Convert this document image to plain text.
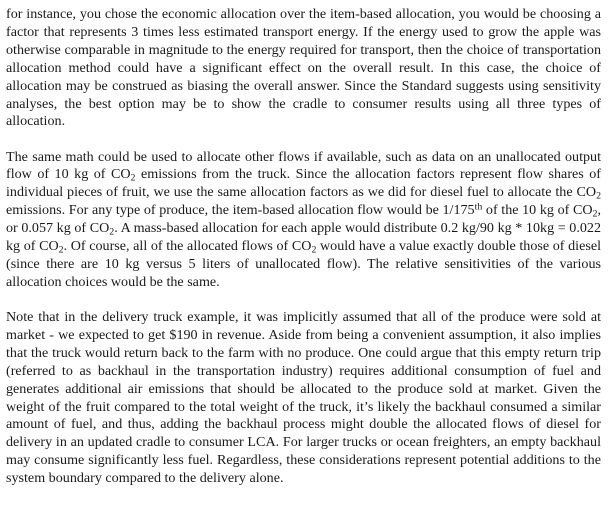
for instance, you chose the economic allocation over the item-based allocation, you would be choosing a factor that represents 3 times less estimated transport energy. If the energy used to grow the apple was otherwise comparable in magnitude to the energy required for transport, then the choice of transportation allocation method could have a significant effect on the overall result. In this case, the choice of allocation may be construed as biasing the overall answer. Since the Standard suggests using sensitivity analyses, the best option may be to show the cradle to consumer results using all three types of allocation.

The same math could be used to allocate other flows if available, such as data on an unallocated output flow of 10 kg of $CO_2$ emissions from the truck. Since the allocation factors represent flow shares of individual pieces of fruit, we use the same allocation factors as we did for diesel fuel to allocate the $CO_2$ emissions. For any type of produce, the item-based allocation flow would be 1/175th of the 10 kg of $CO_2$, or 0.057 kg of $CO_2$. A mass-based allocation for each apple would distribute 0.2 kg/90 kg * 10kg = 0.022 kg of $CO_2$. Of course, all of the allocated flows of $CO_2$ would have a value exactly double those of diesel (since there are 10 kg versus 5 liters of unallocated flow). The relative sensitivities of the various allocation choices would be the same.

Note that in the delivery truck example, it was implicitly assumed that all of the produce were sold at market - we expected to get $190 in revenue. Aside from being a convenient assumption, it also implies that the truck would return back to the farm with no produce. One could argue that this empty return trip (referred to as backhaul in the transportation industry) requires additional consumption of fuel and generates additional air emissions that should be allocated to the produce sold at market. Given the weight of the fruit compared to the total weight of the truck, it’s likely the backhaul consumed a similar amount of fuel, and thus, adding the backhaul process might double the allocated flows of diesel for delivery in an updated cradle to consumer LCA. For larger trucks or ocean freighters, an empty backhaul may consume significantly less fuel. Regardless, these considerations represent potential additions to the system boundary compared to the delivery alone.
